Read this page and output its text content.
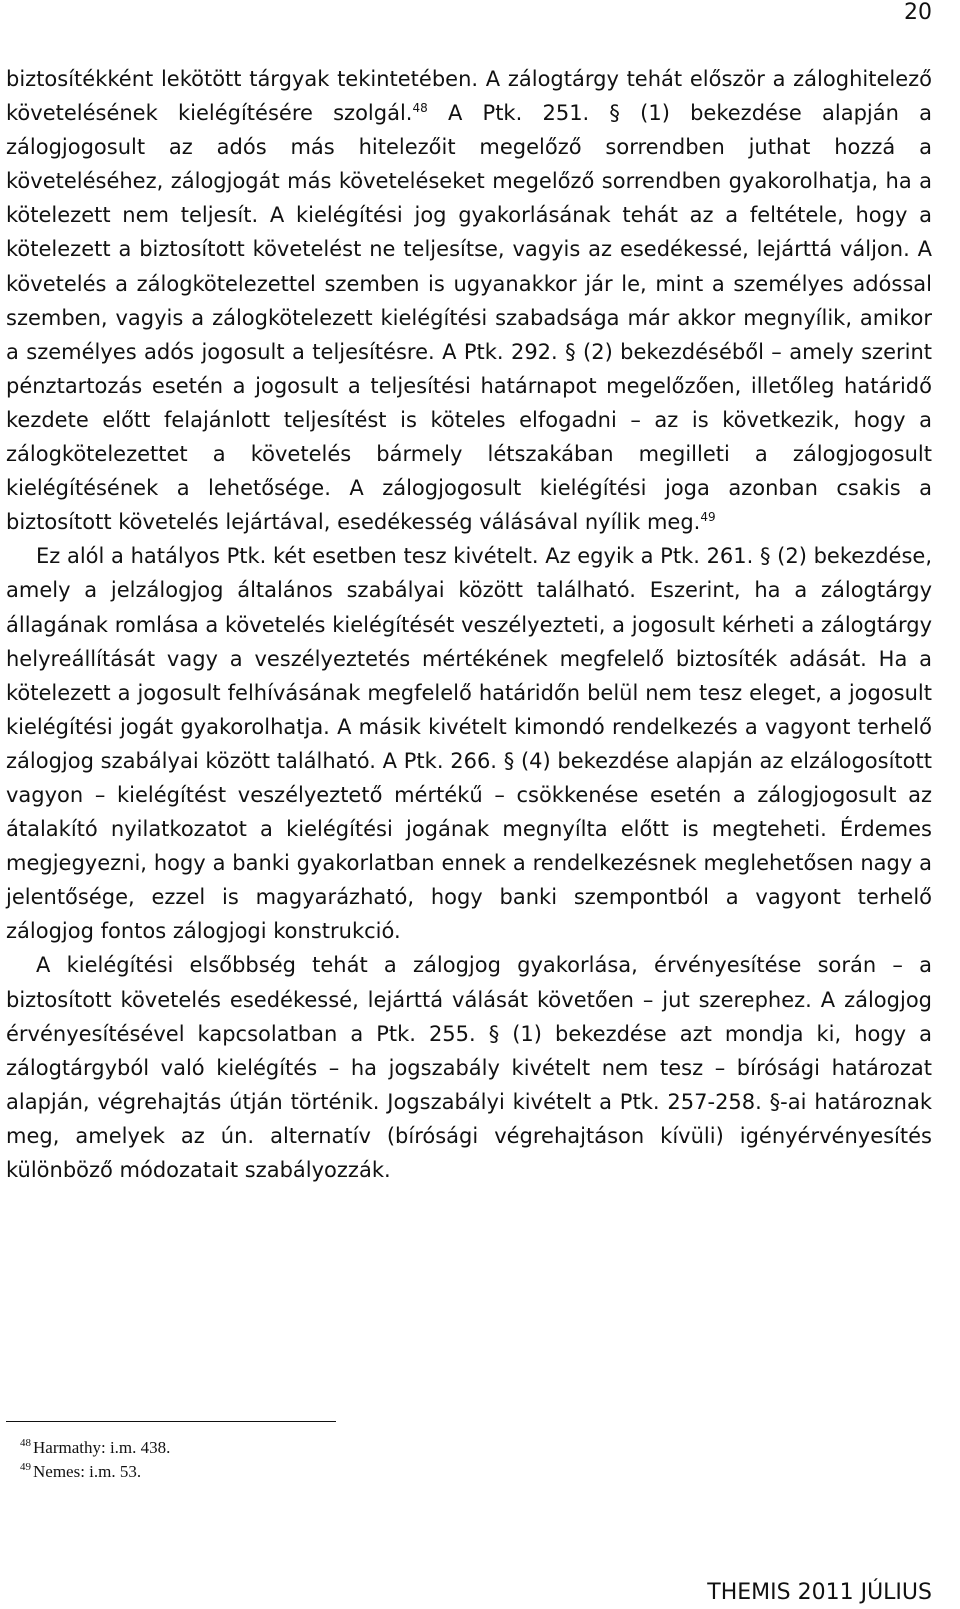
20

biztosítékként lekötött tárgyak tekintetében. A zálogtárgy tehát először a záloghitelező követelésének kielégítésére szolgál.$^{48}$ A Ptk. 251. § (1) bekezdése alapján a zálogjogosult az adós más hitelezőit megelőző sorrendben juthat hozzá a követeléséhez, zálogjogát más követeléseket megelőző sorrendben gyakorolhatja, ha a kötelezett nem teljesít. A kielégítési jog gyakorlásának tehát az a feltétele, hogy a kötelezett a biztosított követelést ne teljesítse, vagyis az esedékessé, lejárttá váljon. A követelés a zálogkötelezettel szemben is ugyanakkor jár le, mint a személyes adóssal szemben, vagyis a zálogkötelezett kielégítési szabadsága már akkor megnyílik, amikor a személyes adós jogosult a teljesítésre. A Ptk. 292. § (2) bekezdéséből – amely szerint pénztartozás esetén a jogosult a teljesítési határnapot megelőzően, illetőleg határidő kezdete előtt felajánlott teljesítést is köteles elfogadni – az is következik, hogy a zálogkötelezettet a követelés bármely létszakában megilleti a zálogjogosult kielégítésének a lehetősége. A zálogjogosult kielégítési joga azonban csakis a biztosított követelés lejártával, esedékesség válásával nyílik meg.$^{49}$

Ez alól a hatályos Ptk. két esetben tesz kivételt. Az egyik a Ptk. 261. § (2) bekezdése, amely a jelzálogjog általános szabályai között található. Eszerint, ha a zálogtárgy állagának romlása a követelés kielégítését veszélyezteti, a jogosult kérheti a zálogtárgy helyreállítását vagy a veszélyeztetés mértékének megfelelő biztosíték adását. Ha a kötelezett a jogosult felhívásának megfelelő határidőn belül nem tesz eleget, a jogosult kielégítési jogát gyakorolhatja. A másik kivételt kimondó rendelkezés a vagyont terhelő zálogjog szabályai között található. A Ptk. 266. § (4) bekezdése alapján az elzálogosított vagyon – kielégítést veszélyeztető mértékű – csökkenése esetén a zálogjogosult az átalakító nyilatkozatot a kielégítési jogának megnyílta előtt is megteheti. Érdemes megjegyezni, hogy a banki gyakorlatban ennek a rendelkezésnek meglehetősen nagy a jelentősége, ezzel is magyarázható, hogy banki szempontból a vagyont terhelő zálogjog fontos zálogjogi konstrukció.

A kielégítési elsőbbség tehát a zálogjog gyakorlása, érvényesítése során – a biztosított követelés esedékessé, lejárttá válását követően – jut szerephez. A zálogjog érvényesítésével kapcsolatban a Ptk. 255. § (1) bekezdése azt mondja ki, hogy a zálogtárgyból való kielégítés – ha jogszabály kivételt nem tesz – bírósági határozat alapján, végrehajtás útján történik. Jogszabályi kivételt a Ptk. 257-258. §-ai határoznak meg, amelyek az ún. alternatív (bírósági végrehajtáson kívüli) igényérvényesítés különböző módozatait szabályozzák.

$^{48}$ Harmathy: i.m. 438.
$^{49}$ Nemes: i.m. 53.
THEMIS 2011 JÚLIUS
